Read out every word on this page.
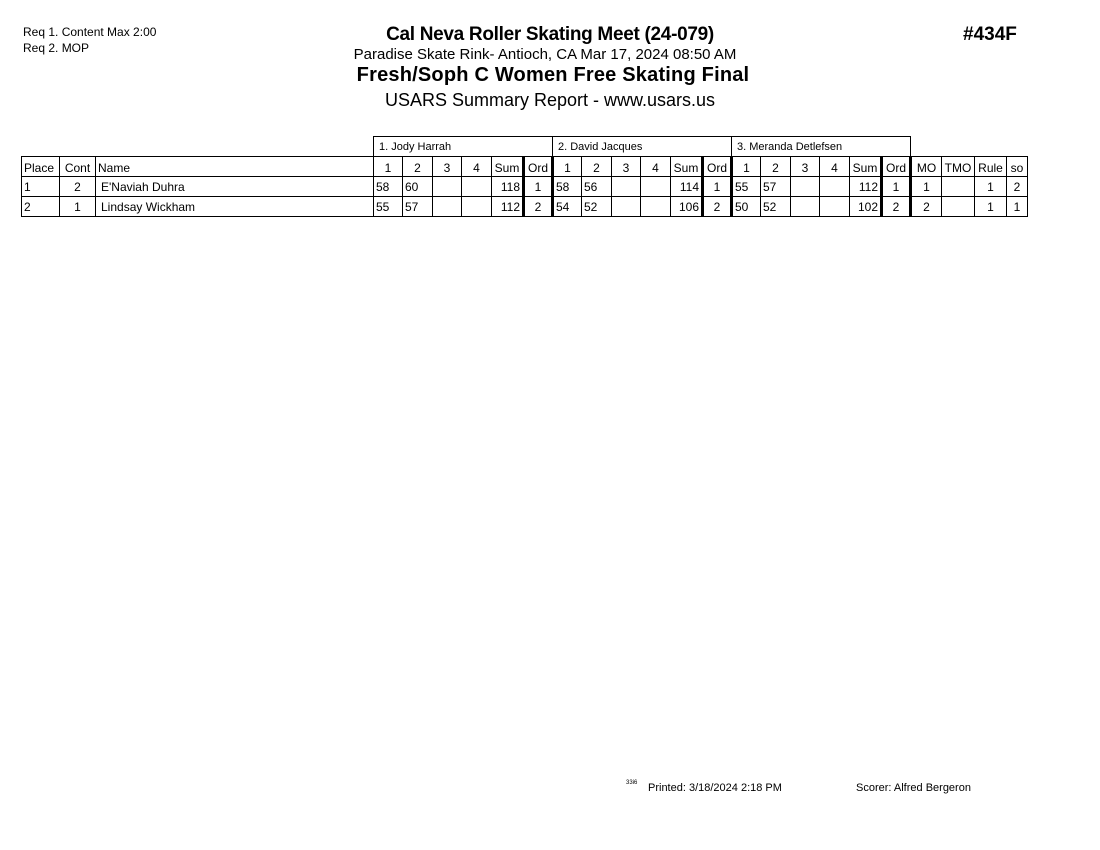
Req 1. Content Max 2:00
Req 2. MOP
Cal Neva Roller Skating Meet (24-079)
Paradise Skate Rink- Antioch, CA Mar 17, 2024 08:50 AM
Fresh/Soph C Women Free Skating Final
USARS Summary Report - www.usars.us
#434F
			1. Jody Harrah						2. David Jacques						3. Meranda Detlefsen									
Place	Cont	Name	1	2	3	4	Sum	Ord	1	2	3	4	Sum	Ord	1	2	3	4	Sum	Ord	MO	TMO	Rule	so
1	2	E'Naviah Duhra	58	60			118	1	58	56			114	1	55	57			112	1	1		1	2
2	1	Lindsay Wickham	55	57			112	2	54	52			106	2	50	52			102	2	2		1	1
33i6 Printed: 3/18/2024 2:18 PM	Scorer: Alfred Bergeron
